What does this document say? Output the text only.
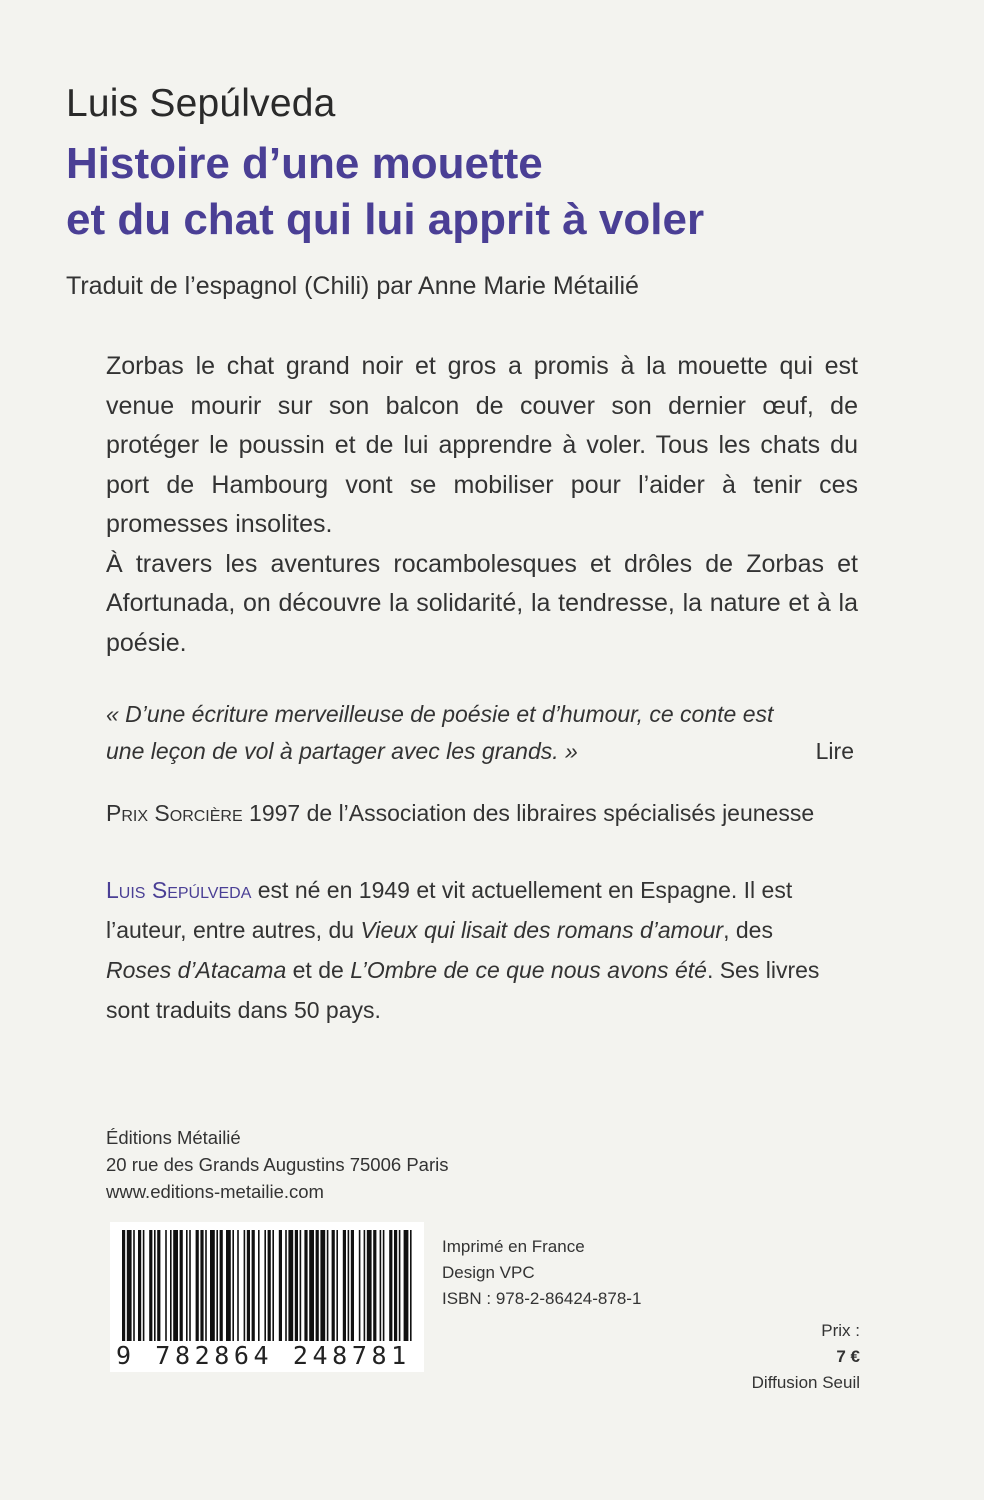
Luis Sepúlveda
Histoire d’une mouette
et du chat qui lui apprit à voler
Traduit de l’espagnol (Chili) par Anne Marie Métailié

Zorbas le chat grand noir et gros a promis à la mouette qui est venue mourir sur son balcon de couver son dernier œuf, de protéger le poussin et de lui apprendre à voler. Tous les chats du port de Hambourg vont se mobiliser pour l’aider à tenir ces promesses insolites.

À travers les aventures rocambolesques et drôles de Zorbas et Afortunada, on découvre la solidarité, la tendresse, la nature et à la poésie.

« D’une écriture merveilleuse de poésie et d’humour, ce conte est
une leçon de vol à partager avec les grands. »	Lire
Prix Sorcière 1997 de l’Association des libraires spécialisés jeunesse
Luis Sepúlveda est né en 1949 et vit actuellement en Espagne. Il est
l’auteur, entre autres, du Vieux qui lisait des romans d’amour, des
Roses d’Atacama et de L’Ombre de ce que nous avons été. Ses livres
sont traduits dans 50 pays.
Éditions Métailié
20 rue des Grands Augustins 75006 Paris
www.editions-metailie.com
9 782864 248781
Imprimé en France
Design VPC
ISBN : 978-2-86424-878-1
Prix :
7 €
Diffusion Seuil
